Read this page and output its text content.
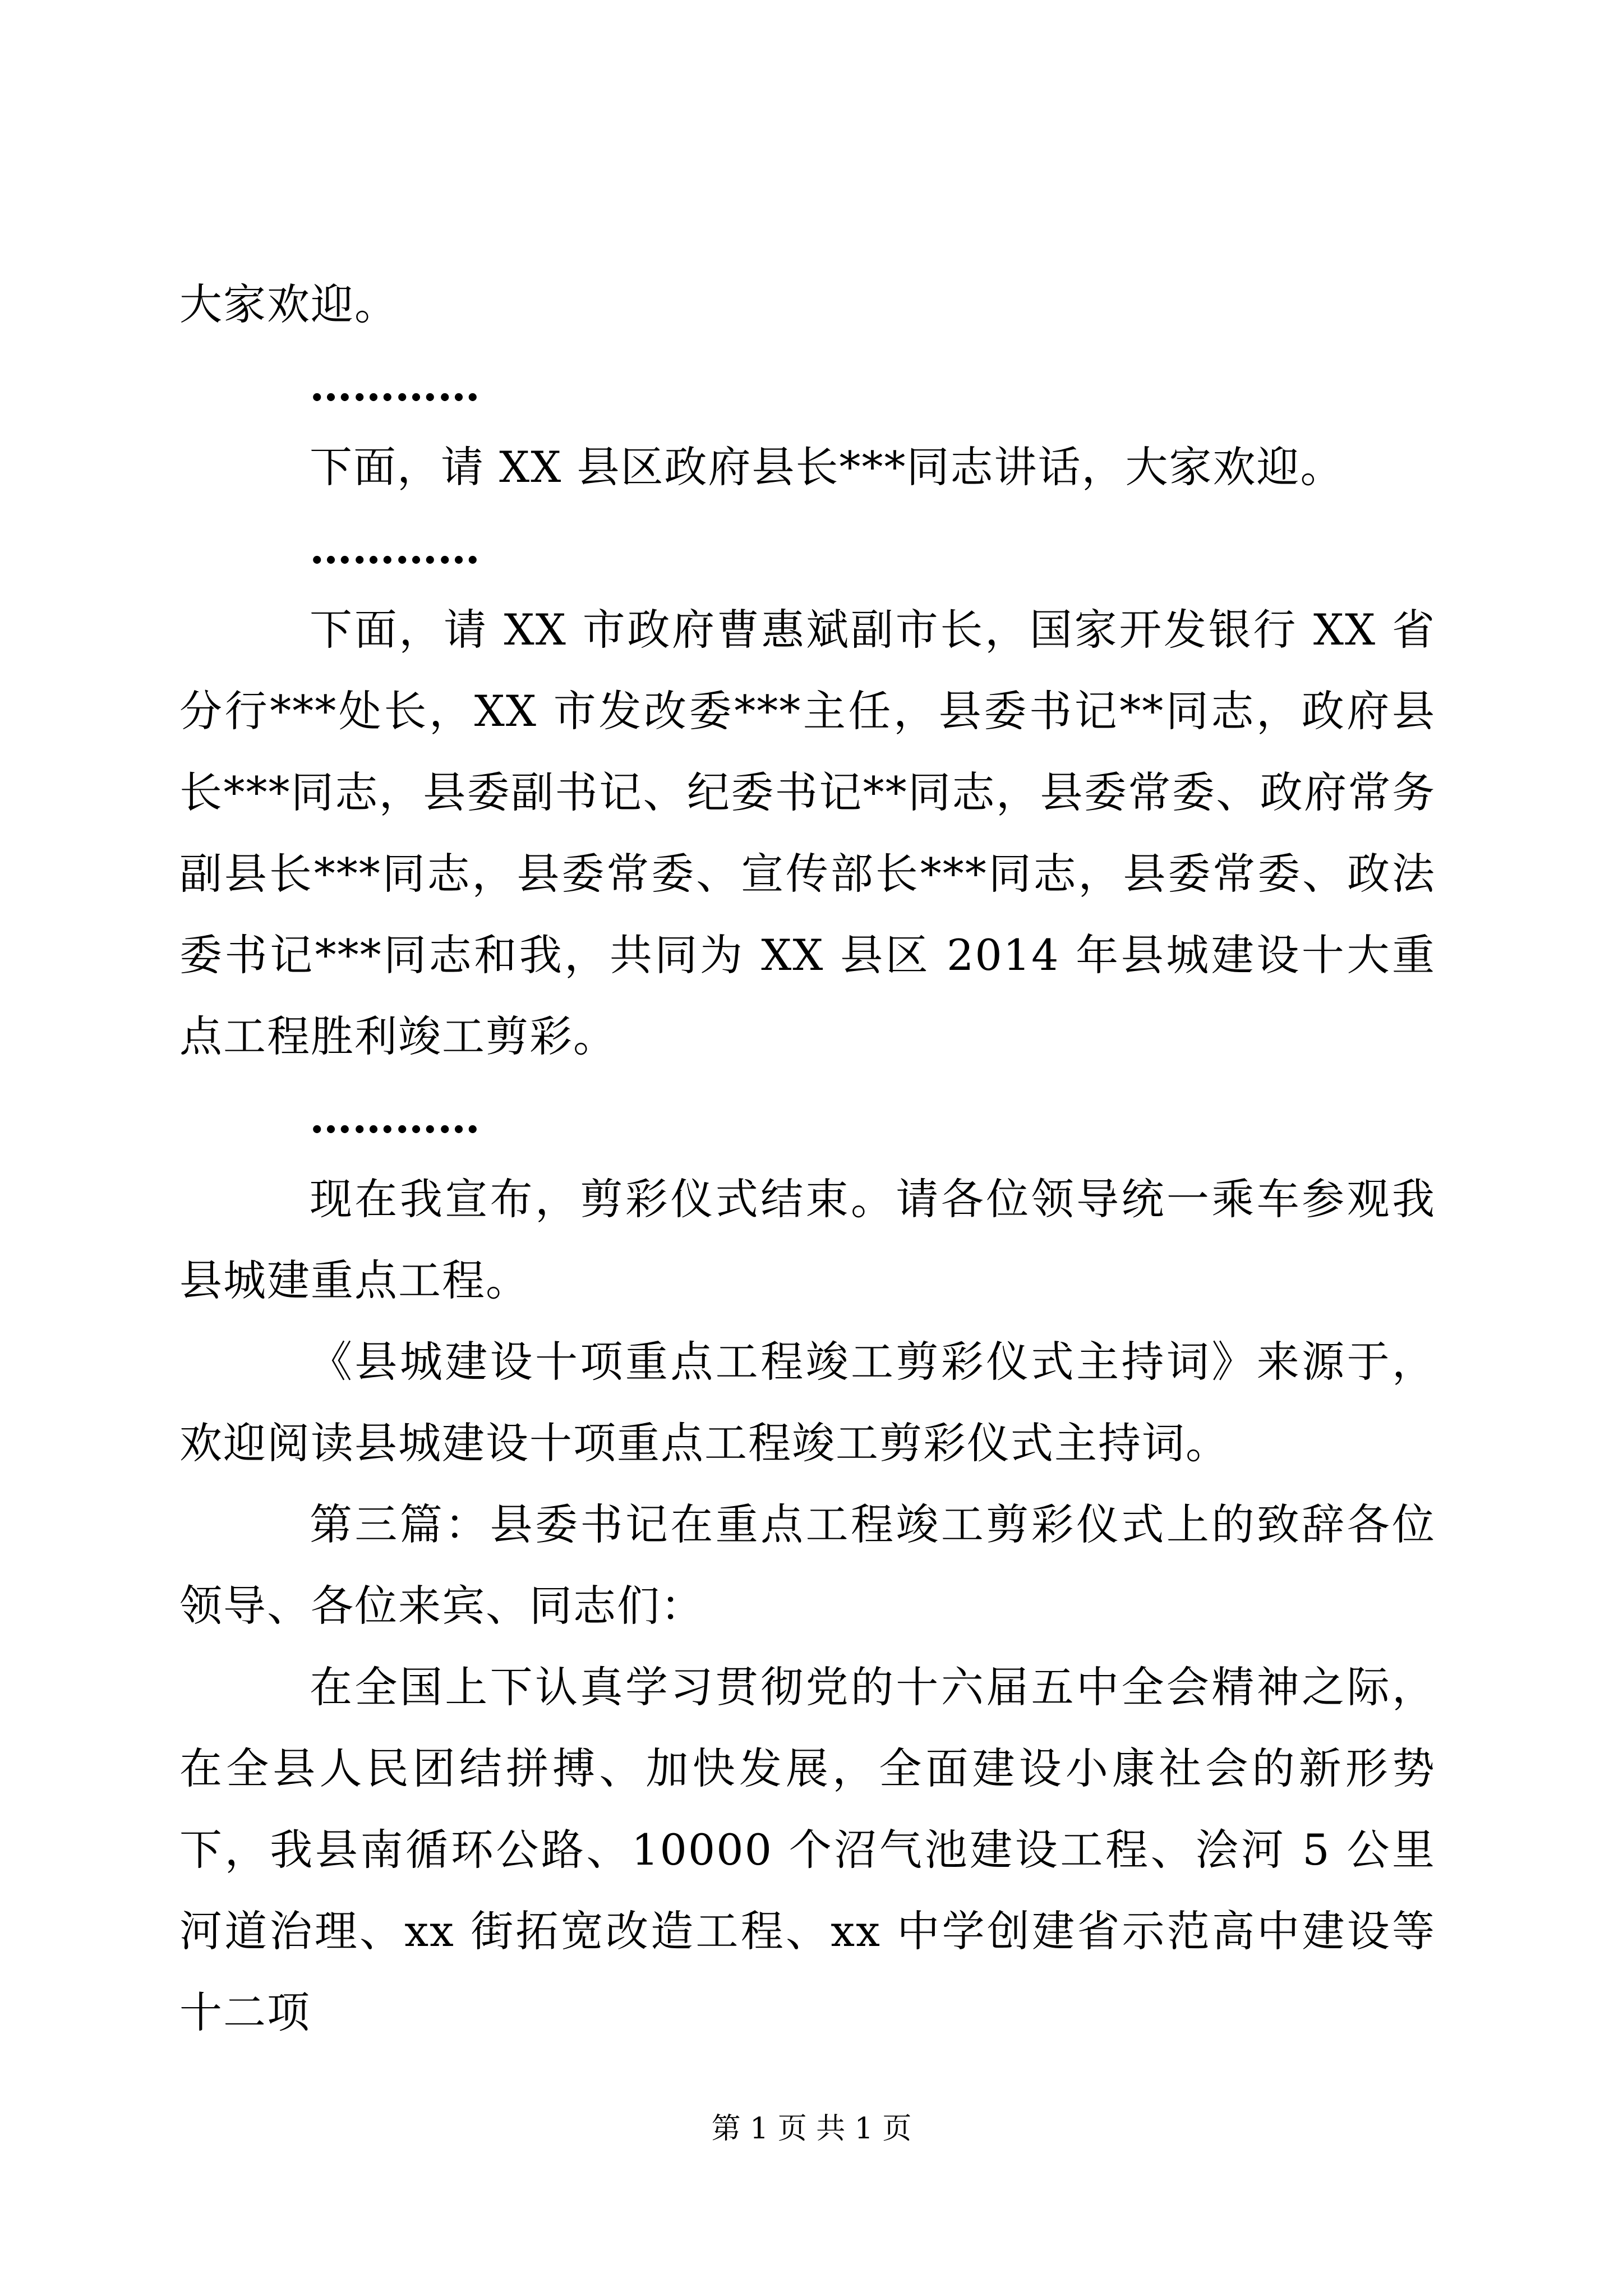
大家欢迎。

…………

下面，请 XX 县区政府县长***同志讲话，大家欢迎。

…………

下面，请 XX 市政府曹惠斌副市长，国家开发银行 XX 省分行***处长，XX 市发改委***主任，县委书记**同志，政府县长***同志，县委副书记、纪委书记**同志，县委常委、政府常务副县长***同志，县委常委、宣传部长***同志，县委常委、政法委书记***同志和我，共同为 XX 县区 2014 年县城建设十大重点工程胜利竣工剪彩。

…………

现在我宣布，剪彩仪式结束。请各位领导统一乘车参观我县城建重点工程。

《县城建设十项重点工程竣工剪彩仪式主持词》来源于，欢迎阅读县城建设十项重点工程竣工剪彩仪式主持词。

第三篇：县委书记在重点工程竣工剪彩仪式上的致辞各位领导、各位来宾、同志们：

在全国上下认真学习贯彻党的十六届五中全会精神之际，在全县人民团结拼搏、加快发展，全面建设小康社会的新形势下，我县南循环公路、10000 个沼气池建设工程、浍河 5 公里河道治理、xx 街拓宽改造工程、xx 中学创建省示范高中建设等十二项

第 1 页 共 1 页
